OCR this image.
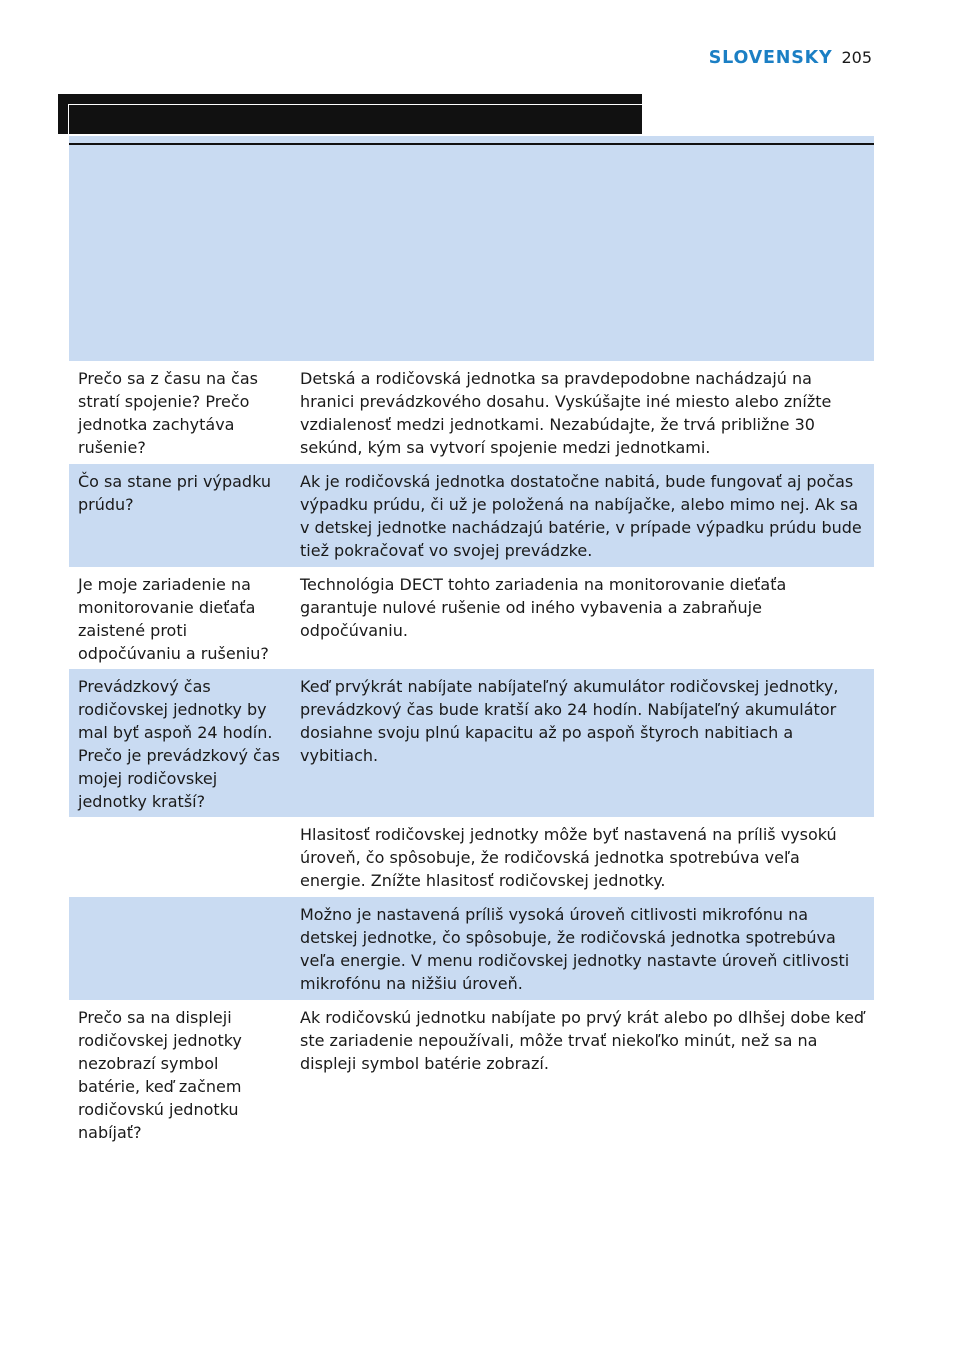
SLOVENSKY 205
Prečo sa z času na čas stratí spojenie? Prečo jednotka zachytáva rušenie?
Detská a rodičovská jednotka sa pravdepodobne nachádzajú na hranici prevádzkového dosahu. Vyskúšajte iné miesto alebo znížte vzdialenosť medzi jednotkami. Nezabúdajte, že trvá približne 30 sekúnd, kým sa vytvorí spojenie medzi jednotkami.
Čo sa stane pri výpadku prúdu?
Ak je rodičovská jednotka dostatočne nabitá, bude fungovať aj počas výpadku prúdu, či už je položená na nabíjačke, alebo mimo nej. Ak sa v detskej jednotke nachádzajú batérie, v prípade výpadku prúdu bude tiež pokračovať vo svojej prevádzke.
Je moje zariadenie na monitorovanie dieťaťa zaistené proti odpočúvaniu a rušeniu?
Technológia DECT tohto zariadenia na monitorovanie dieťaťa garantuje nulové rušenie od iného vybavenia a zabraňuje odpočúvaniu.
Prevádzkový čas rodičovskej jednotky by mal byť aspoň 24 hodín. Prečo je prevádzkový čas mojej rodičovskej jednotky kratší?
Keď prvýkrát nabíjate nabíjateľný akumulátor rodičovskej jednotky, prevádzkový čas bude kratší ako 24 hodín. Nabíjateľný akumulátor dosiahne svoju plnú kapacitu až po aspoň štyroch nabitiach a vybitiach.
Hlasitosť rodičovskej jednotky môže byť nastavená na príliš vysokú úroveň, čo spôsobuje, že rodičovská jednotka spotrebúva veľa energie. Znížte hlasitosť rodičovskej jednotky.
Možno je nastavená príliš vysoká úroveň citlivosti mikrofónu na detskej jednotke, čo spôsobuje, že rodičovská jednotka spotrebúva veľa energie. V menu rodičovskej jednotky nastavte úroveň citlivosti mikrofónu na nižšiu úroveň.
Prečo sa na displeji rodičovskej jednotky nezobrazí symbol batérie, keď začnem rodičovskú jednotku nabíjať?
Ak rodičovskú jednotku nabíjate po prvý krát alebo po dlhšej dobe keď ste zariadenie nepoužívali, môže trvať niekoľko minút, než sa na displeji symbol batérie zobrazí.
